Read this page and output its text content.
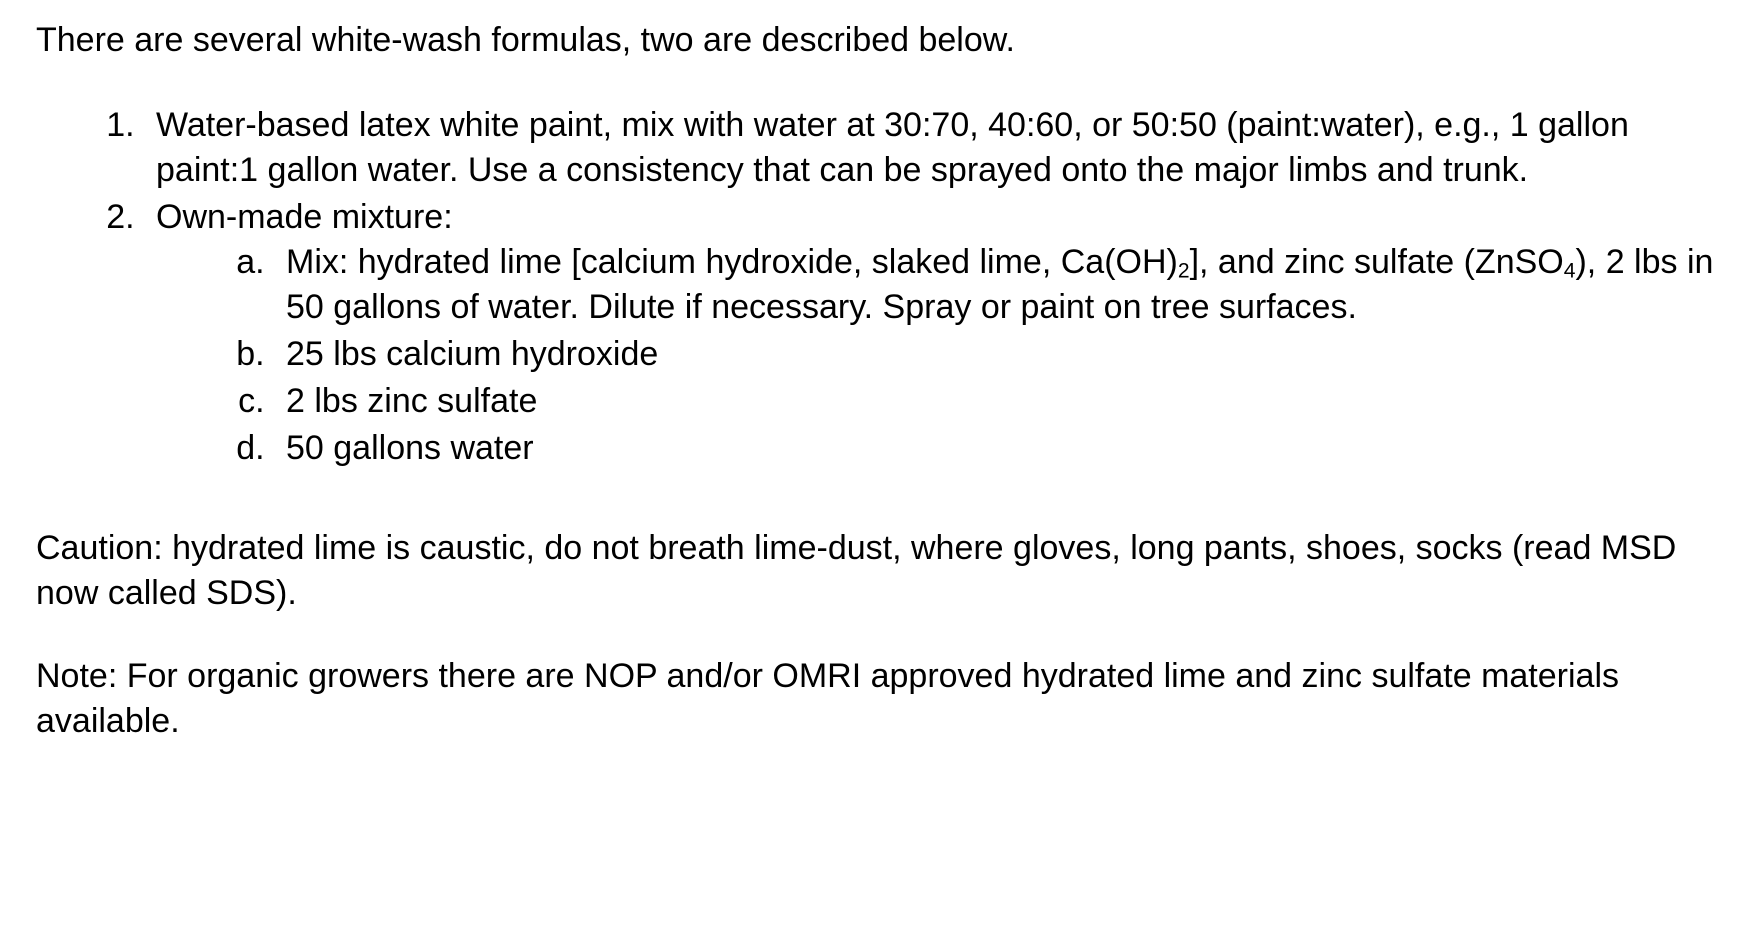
There are several white-wash formulas, two are described below.

1. Water-based latex white paint, mix with water at 30:70, 40:60, or 50:50 (paint:water), e.g., 1 gallon paint:1 gallon water. Use a consistency that can be sprayed onto the major limbs and trunk.
2. Own-made mixture:
a. Mix: hydrated lime [calcium hydroxide, slaked lime, $Ca(OH)_2$], and zinc sulfate (ZnSO$_4$), 2 lbs in 50 gallons of water. Dilute if necessary. Spray or paint on tree surfaces.
b. 25 lbs calcium hydroxide
c. 2 lbs zinc sulfate
d. 50 gallons water

Caution: hydrated lime is caustic, do not breath lime-dust, where gloves, long pants, shoes, socks (read MSD now called SDS).

Note: For organic growers there are NOP and/or OMRI approved hydrated lime and zinc sulfate materials available.
